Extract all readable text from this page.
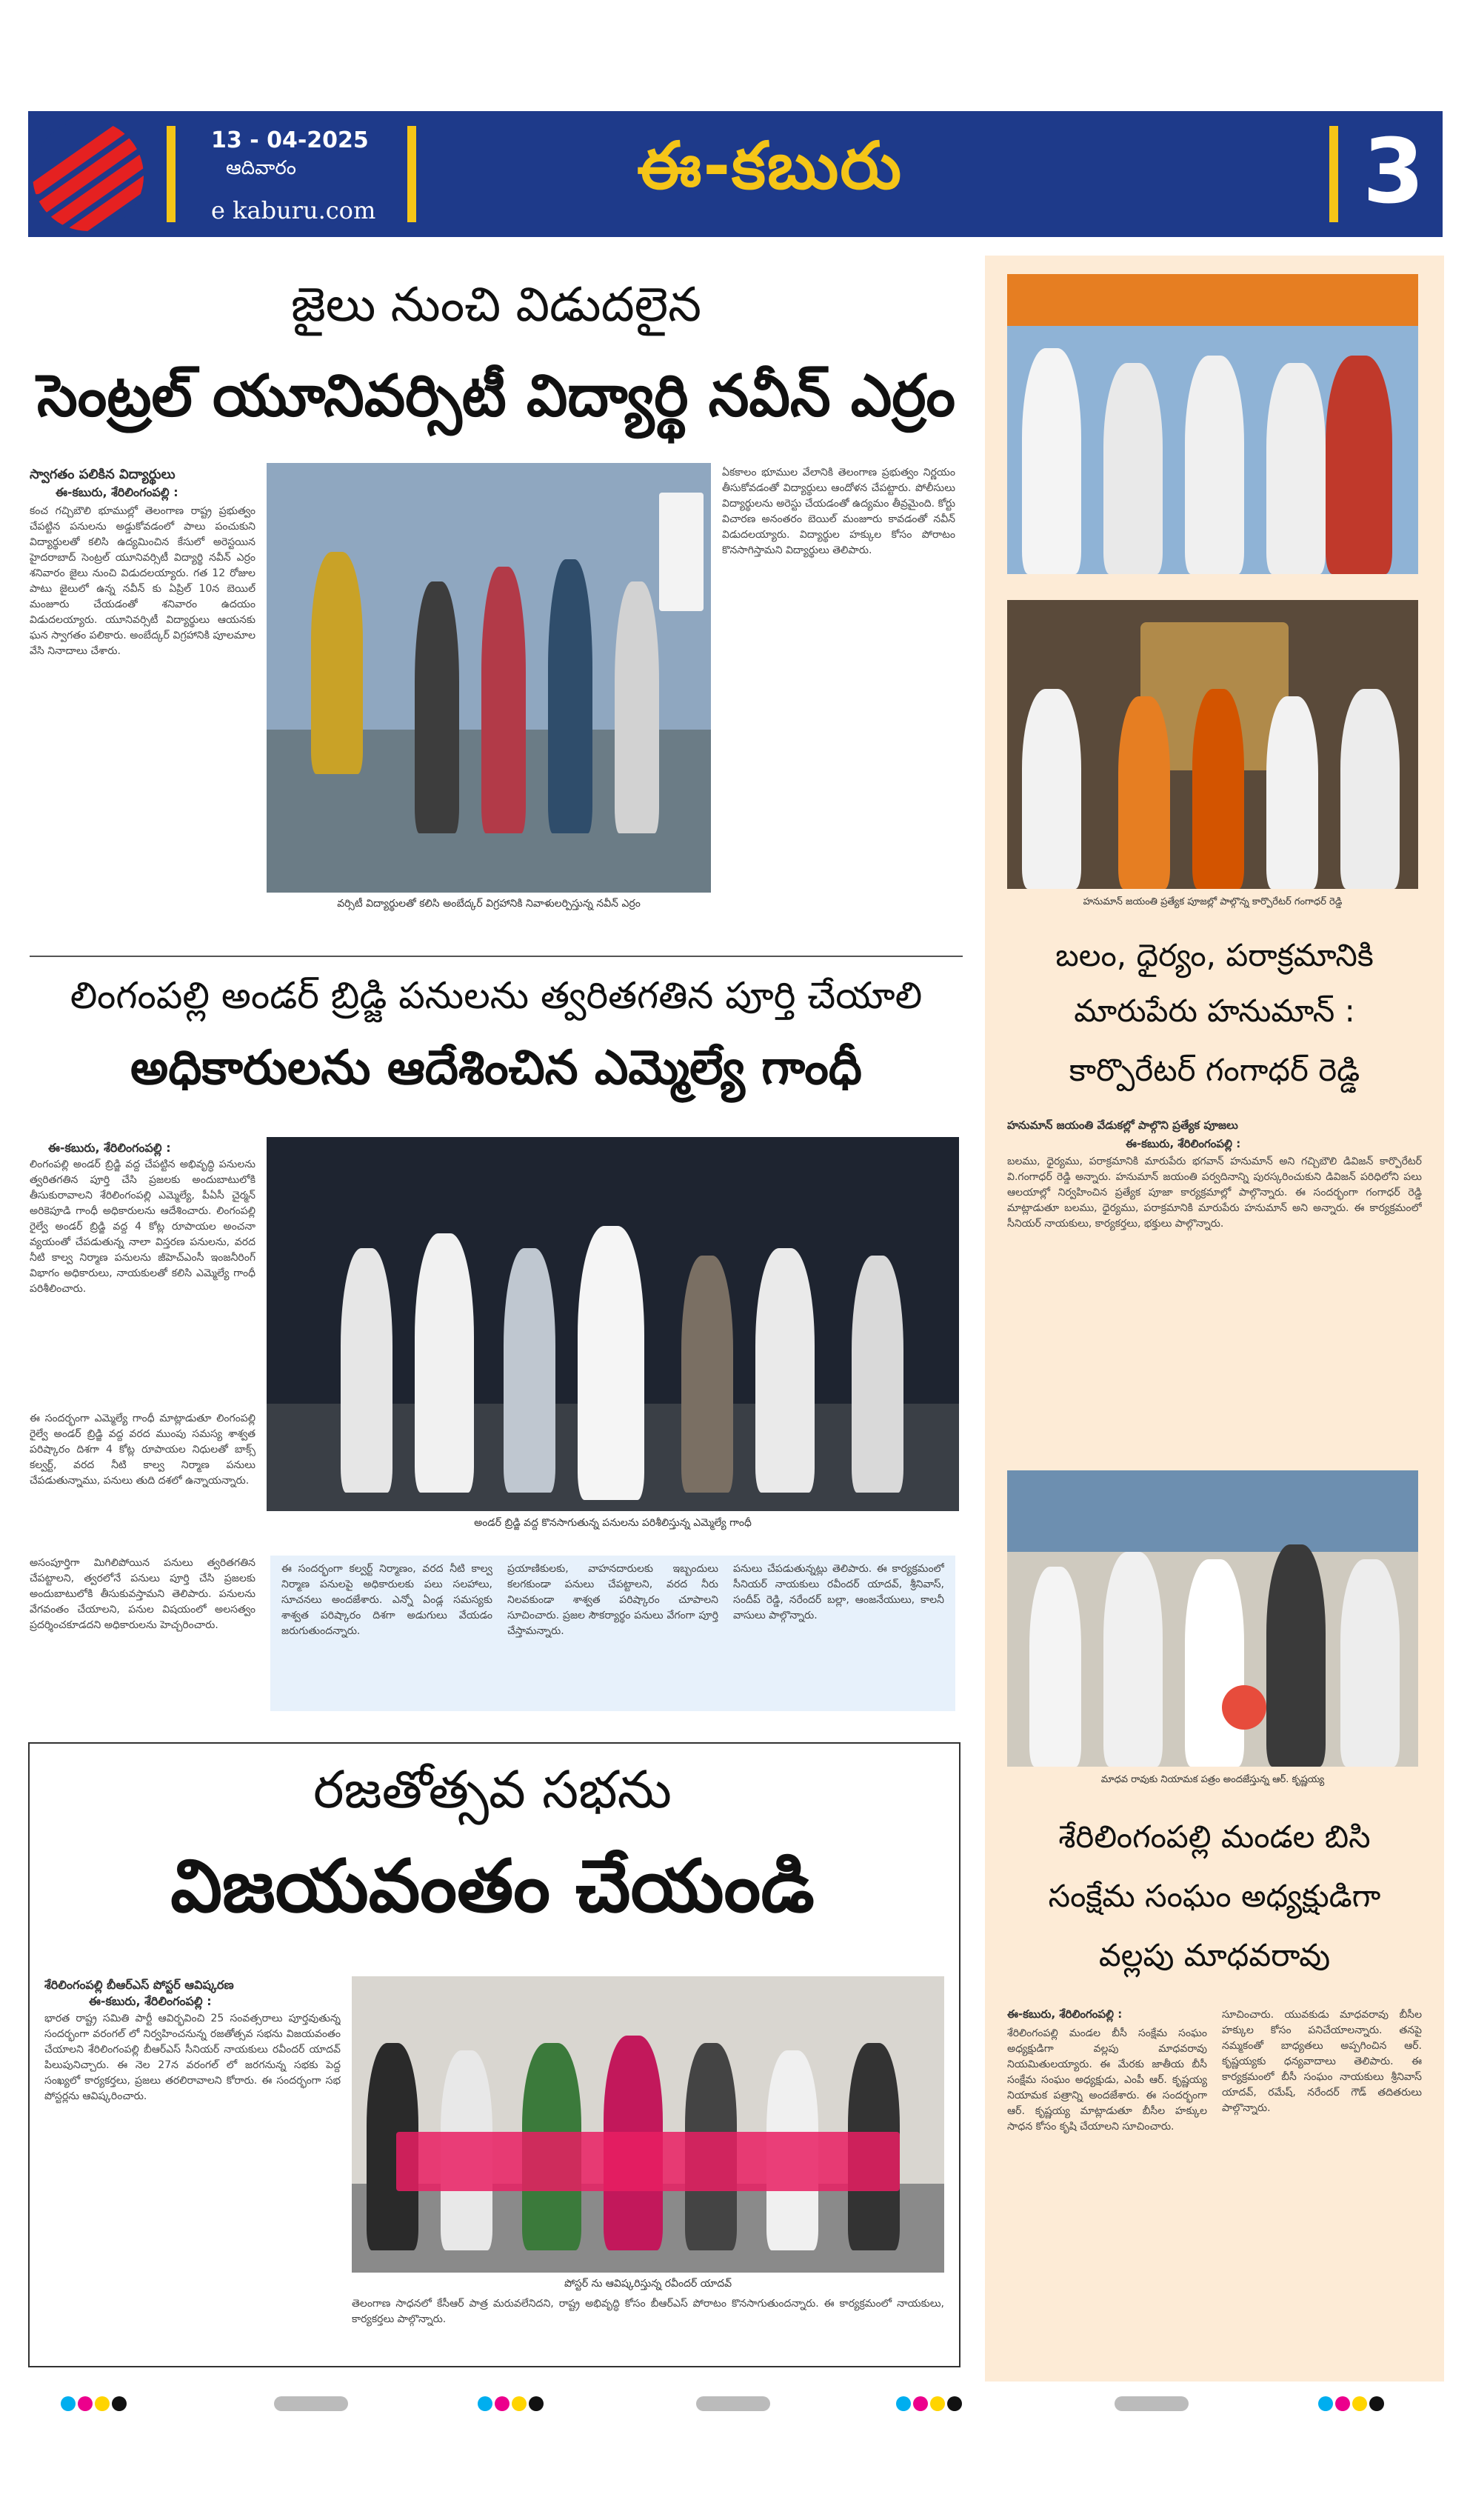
13 - 04-2025
ఆదివారం
e kaburu.com
ఈ-కబురు	3
జైలు నుంచి విడుదలైన
సెంట్రల్ యూనివర్సిటీ విద్యార్థి నవీన్ ఎర్రం
స్వాగతం పలికిన విద్యార్థులు
ఈ-కబురు, శేరిలింగంపల్లి :
కంచ గచ్చిబౌలి భూముల్లో తెలంగాణ రాష్ట్ర ప్రభుత్వం చేపట్టిన పనులను అడ్డుకోవడంలో పాలు పంచుకుని విద్యార్థులతో కలిసి ఉద్యమించిన కేసులో అరెస్టయిన హైదరాబాద్ సెంట్రల్ యూనివర్సిటీ విద్యార్థి నవీన్ ఎర్రం శనివారం జైలు నుంచి విడుదలయ్యారు. గత 12 రోజుల పాటు జైలులో ఉన్న నవీన్ కు ఏప్రిల్ 10న బెయిల్ మంజూరు చేయడంతో శనివారం ఉదయం విడుదలయ్యారు. యూనివర్సిటీ విద్యార్థులు ఆయనకు ఘన స్వాగతం పలికారు. అంబేద్కర్ విగ్రహానికి పూలమాల వేసి నినాదాలు చేశారు.
వర్సిటీ విద్యార్థులతో కలిసి అంబేద్కర్ విగ్రహానికి నివాళులర్పిస్తున్న నవీన్ ఎర్రం
ఏకకాలం భూముల వేలానికి తెలంగాణ ప్రభుత్వం నిర్ణయం తీసుకోవడంతో విద్యార్థులు ఆందోళన చేపట్టారు. పోలీసులు విద్యార్థులను అరెస్టు చేయడంతో ఉద్యమం తీవ్రమైంది. కోర్టు విచారణ అనంతరం బెయిల్ మంజూరు కావడంతో నవీన్ విడుదలయ్యారు. విద్యార్థుల హక్కుల కోసం పోరాటం కొనసాగిస్తామని విద్యార్థులు తెలిపారు.
లింగంపల్లి అండర్ బ్రిడ్జి పనులను త్వరితగతిన పూర్తి చేయాలి
అధికారులను ఆదేశించిన ఎమ్మెల్యే గాంధీ
ఈ-కబురు, శేరిలింగంపల్లి :
లింగంపల్లి అండర్ బ్రిడ్జి వద్ద చేపట్టిన అభివృద్ధి పనులను త్వరితగతిన పూర్తి చేసి ప్రజలకు అందుబాటులోకి తీసుకురావాలని శేరిలింగంపల్లి ఎమ్మెల్యే, పీఏసీ చైర్మన్ అరికెపూడి గాంధీ అధికారులను ఆదేశించారు. లింగంపల్లి రైల్వే అండర్ బ్రిడ్జి వద్ద 4 కోట్ల రూపాయల అంచనా వ్యయంతో చేపడుతున్న నాలా విస్తరణ పనులను, వరద నీటి కాల్వ నిర్మాణ పనులను జీహెచ్ఎంసీ ఇంజనీరింగ్ విభాగం అధికారులు, నాయకులతో కలిసి ఎమ్మెల్యే గాంధీ పరిశీలించారు.
ఈ సందర్భంగా ఎమ్మెల్యే గాంధీ మాట్లాడుతూ లింగంపల్లి రైల్వే అండర్ బ్రిడ్జి వద్ద వరద ముంపు సమస్య శాశ్వత పరిష్కారం దిశగా 4 కోట్ల రూపాయల నిధులతో బాక్స్ కల్వర్ట్, వరద నీటి కాల్వ నిర్మాణ పనులు చేపడుతున్నాము, పనులు తుది దశలో ఉన్నాయన్నారు.
అండర్ బ్రిడ్జి వద్ద కొనసాగుతున్న పనులను పరిశీలిస్తున్న ఎమ్మెల్యే గాంధీ
అసంపూర్తిగా మిగిలిపోయిన పనులు త్వరితగతిన చేపట్టాలని, త్వరలోనే పనులు పూర్తి చేసి ప్రజలకు అందుబాటులోకి తీసుకువస్తామని తెలిపారు. పనులను వేగవంతం చేయాలని, పనుల విషయంలో అలసత్వం ప్రదర్శించకూడదని అధికారులను హెచ్చరించారు.
ఈ సందర్భంగా కల్వర్ట్ నిర్మాణం, వరద నీటి కాల్వ నిర్మాణ పనులపై అధికారులకు పలు సలహాలు, సూచనలు అందజేశారు. ఎన్నో ఏండ్ల సమస్యకు శాశ్వత పరిష్కారం దిశగా అడుగులు వేయడం జరుగుతుందన్నారు.
ప్రయాణికులకు, వాహనదారులకు ఇబ్బందులు కలగకుండా పనులు చేపట్టాలని, వరద నీరు నిలవకుండా శాశ్వత పరిష్కారం చూపాలని సూచించారు. ప్రజల సౌకర్యార్థం పనులు వేగంగా పూర్తి చేస్తామన్నారు.
పనులు చేపడుతున్నట్లు తెలిపారు. ఈ కార్యక్రమంలో సీనియర్ నాయకులు రవీందర్ యాదవ్, శ్రీనివాస్, సందీప్ రెడ్డి, నరేందర్ బల్లా, ఆంజనేయులు, కాలనీ వాసులు పాల్గొన్నారు.
రజతోత్సవ సభను
విజయవంతం చేయండి
శేరిలింగంపల్లి బీఆర్ఎస్ పోస్టర్ ఆవిష్కరణ
ఈ-కబురు, శేరిలింగంపల్లి :
భారత రాష్ట్ర సమితి పార్టీ ఆవిర్భవించి 25 సంవత్సరాలు పూర్తవుతున్న సందర్భంగా వరంగల్ లో నిర్వహించనున్న రజతోత్సవ సభను విజయవంతం చేయాలని శేరిలింగంపల్లి బీఆర్ఎస్ సీనియర్ నాయకులు రవీందర్ యాదవ్ పిలుపునిచ్చారు. ఈ నెల 27న వరంగల్ లో జరగనున్న సభకు పెద్ద సంఖ్యలో కార్యకర్తలు, ప్రజలు తరలిరావాలని కోరారు. ఈ సందర్భంగా సభ పోస్టర్లను ఆవిష్కరించారు.
పోస్టర్ ను ఆవిష్కరిస్తున్న రవీందర్ యాదవ్
తెలంగాణ సాధనలో కేసీఆర్ పాత్ర మరువలేనిదని, రాష్ట్ర అభివృద్ధి కోసం బీఆర్ఎస్ పోరాటం కొనసాగుతుందన్నారు. ఈ కార్యక్రమంలో నాయకులు, కార్యకర్తలు పాల్గొన్నారు.
హనుమాన్ జయంతి ప్రత్యేక పూజల్లో పాల్గొన్న కార్పొరేటర్ గంగాధర్ రెడ్డి
బలం, ధైర్యం, పరాక్రమానికి
మారుపేరు హనుమాన్ :
కార్పొరేటర్ గంగాధర్ రెడ్డి
హనుమాన్ జయంతి వేడుకల్లో పాల్గొని ప్రత్యేక పూజలు
ఈ-కబురు, శేరిలింగంపల్లి :
బలము, ధైర్యము, పరాక్రమానికి మారుపేరు భగవాన్ హనుమాన్ అని గచ్చిబౌలి డివిజన్ కార్పొరేటర్ వి.గంగాధర్ రెడ్డి అన్నారు. హనుమాన్ జయంతి పర్వదినాన్ని పురస్కరించుకుని డివిజన్ పరిధిలోని పలు ఆలయాల్లో నిర్వహించిన ప్రత్యేక పూజా కార్యక్రమాల్లో పాల్గొన్నారు. ఈ సందర్భంగా గంగాధర్ రెడ్డి మాట్లాడుతూ బలము, ధైర్యము, పరాక్రమానికి మారుపేరు హనుమాన్ అని అన్నారు. ఈ కార్యక్రమంలో సీనియర్ నాయకులు, కార్యకర్తలు, భక్తులు పాల్గొన్నారు.
మాధవ రావుకు నియామక పత్రం అందజేస్తున్న ఆర్. కృష్ణయ్య
శేరిలింగంపల్లి మండల బిసి
సంక్షేమ సంఘం అధ్యక్షుడిగా
వల్లపు మాధవరావు
ఈ-కబురు, శేరిలింగంపల్లి :
శేరిలింగంపల్లి మండల బీసీ సంక్షేమ సంఘం అధ్యక్షుడిగా వల్లపు మాధవరావు నియమితులయ్యారు. ఈ మేరకు జాతీయ బీసీ సంక్షేమ సంఘం అధ్యక్షుడు, ఎంపీ ఆర్. కృష్ణయ్య నియామక పత్రాన్ని అందజేశారు. ఈ సందర్భంగా ఆర్. కృష్ణయ్య మాట్లాడుతూ బీసీల హక్కుల సాధన కోసం కృషి చేయాలని సూచించారు.
సూచించారు. యువకుడు మాధవరావు బీసీల హక్కుల కోసం పనిచేయాలన్నారు. తనపై నమ్మకంతో బాధ్యతలు అప్పగించిన ఆర్. కృష్ణయ్యకు ధన్యవాదాలు తెలిపారు. ఈ కార్యక్రమంలో బీసీ సంఘం నాయకులు శ్రీనివాస్ యాదవ్, రమేష్, నరేందర్ గౌడ్ తదితరులు పాల్గొన్నారు.
